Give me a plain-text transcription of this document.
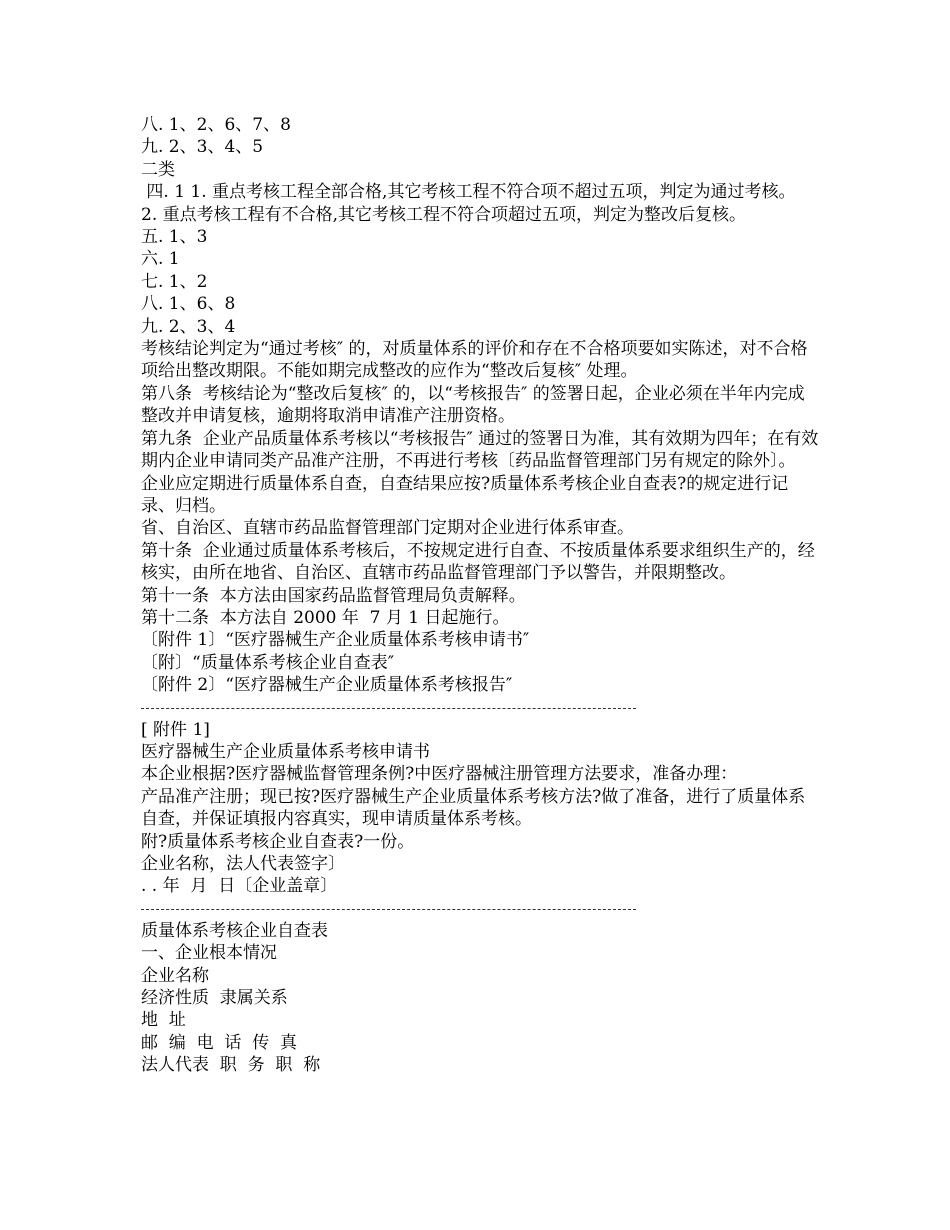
八. 1、2、6、7、8

九. 2、3、4、5

二类

四. 1 1. 重点考核工程全部合格,其它考核工程不符合项不超过五项，判定为通过考核。

2. 重点考核工程有不合格,其它考核工程不符合项超过五项，判定为整改后复核。

五. 1、3

六. 1

七. 1、2

八. 1、6、8

九. 2、3、4

考核结论判定为“通过考核″ 的，对质量体系的评价和存在不合格项要如实陈述，对不合格项给出整改期限。不能如期完成整改的应作为“整改后复核″ 处理。

第八条  考核结论为“整改后复核″ 的，以“考核报告″ 的签署日起，企业必须在半年内完成整改并申请复核，逾期将取消申请准产注册资格。

第九条  企业产品质量体系考核以“考核报告″ 通过的签署日为准，其有效期为四年；在有效期内企业申请同类产品准产注册，不再进行考核〔药品监督管理部门另有规定的除外〕。

企业应定期进行质量体系自查，自查结果应按?质量体系考核企业自查表?的规定进行记录、归档。

省、自治区、直辖市药品监督管理部门定期对企业进行体系审查。

第十条  企业通过质量体系考核后，不按规定进行自查、不按质量体系要求组织生产的，经核实，由所在地省、自治区、直辖市药品监督管理部门予以警告，并限期整改。

第十一条  本方法由国家药品监督管理局负责解释。

第十二条  本方法自 2000 年  7 月 1 日起施行。

〔附件 1〕“医疗器械生产企业质量体系考核申请书″

〔附〕“质量体系考核企业自查表″

〔附件 2〕“医疗器械生产企业质量体系考核报告″

[ 附件 1]

医疗器械生产企业质量体系考核申请书

本企业根据?医疗器械监督管理条例?中医疗器械注册管理方法要求，准备办理：

产品准产注册；现已按?医疗器械生产企业质量体系考核方法?做了准备，进行了质量体系自查，并保证填报内容真实，现申请质量体系考核。

附?质量体系考核企业自查表?一份。

企业名称，法人代表签字〕

. . 年  月  日〔企业盖章〕

质量体系考核企业自查表

一、企业根本情况

企业名称

经济性质  隶属关系

地  址

邮  编  电  话  传  真

法人代表  职  务  职  称
